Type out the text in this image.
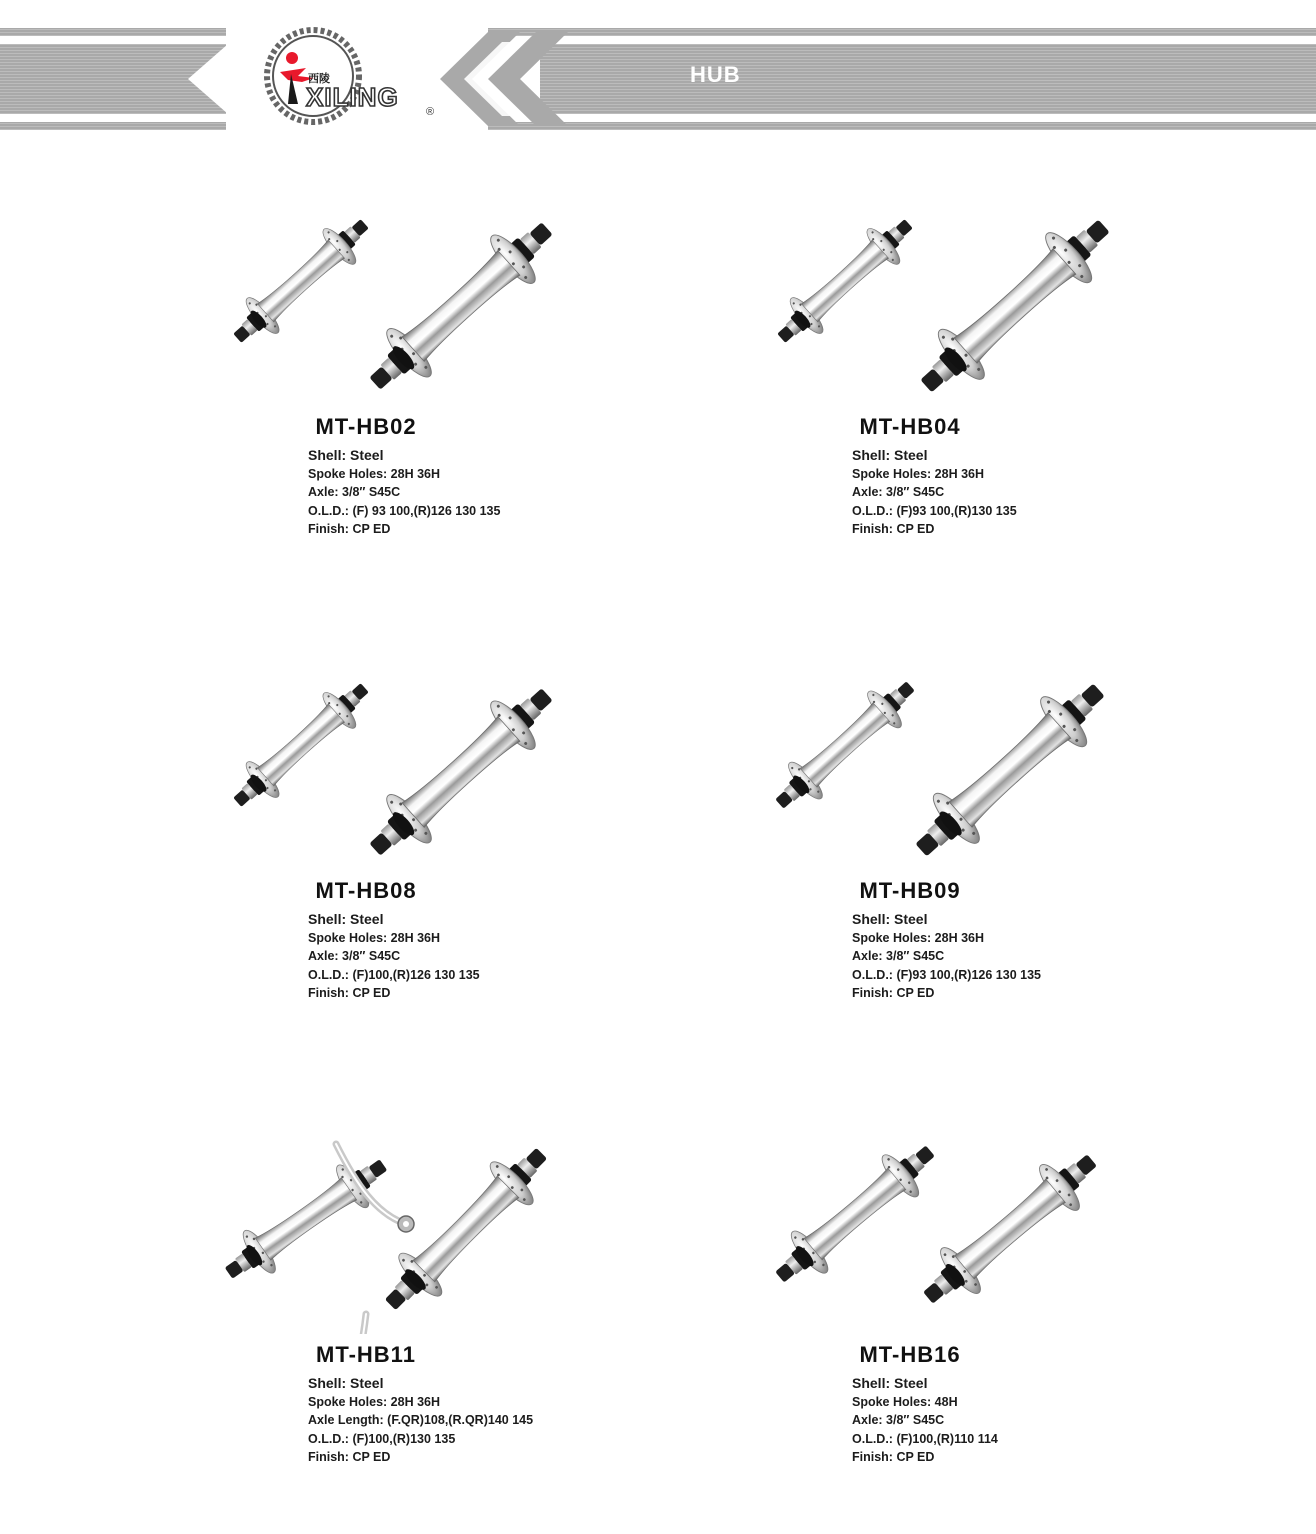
西陵
XILING ®
HUB
MT-HB02
Shell: Steel
Spoke Holes: 28H 36H
Axle: 3/8″ S45C
O.L.D.: (F) 93 100,(R)126 130 135
Finish: CP ED
MT-HB04
Shell: Steel
Spoke Holes: 28H 36H
Axle: 3/8″ S45C
O.L.D.: (F)93 100,(R)130 135
Finish: CP ED
MT-HB08
Shell: Steel
Spoke Holes: 28H 36H
Axle: 3/8″ S45C
O.L.D.: (F)100,(R)126 130 135
Finish: CP ED
MT-HB09
Shell: Steel
Spoke Holes: 28H 36H
Axle: 3/8″ S45C
O.L.D.: (F)93 100,(R)126 130 135
Finish: CP ED
MT-HB11
Shell: Steel
Spoke Holes: 28H 36H
Axle Length: (F.QR)108,(R.QR)140 145
O.L.D.: (F)100,(R)130 135
Finish: CP ED
MT-HB16
Shell: Steel
Spoke Holes: 48H
Axle: 3/8″ S45C
O.L.D.: (F)100,(R)110 114
Finish: CP ED
